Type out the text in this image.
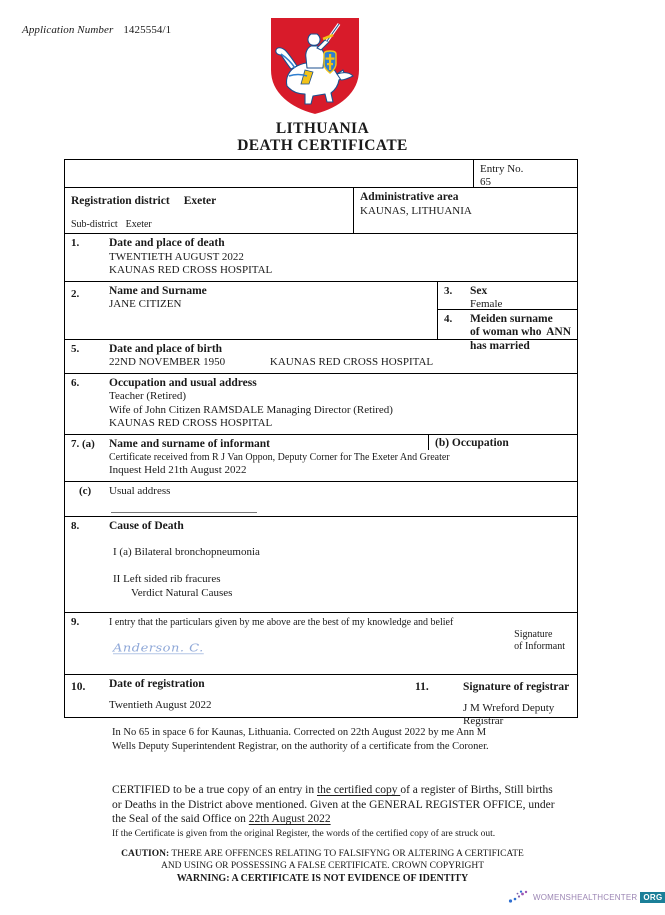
Application Number 1425554/1
LITHUANIA
DEATH CERTIFICATE
Entry No.
65
Registration district Exeter
Sub-district Exeter
Administrative area
KAUNAS, LITHUANIA
1.	Date and place of death
TWENTIETH AUGUST 2022
KAUNAS RED CROSS HOSPITAL
2.	Name and Surname
JANE CITIZEN
3.	Sex
Female
4.	Meiden surname
of woman who ANN
has married
5.	Date and place of birth
22ND NOVEMBER 1950	KAUNAS RED CROSS HOSPITAL
6.	Occupation and usual address
Teacher (Retired)
Wife of John Citizen RAMSDALE Managing Director (Retired)
KAUNAS RED CROSS HOSPITAL
7. (a)	Name and surname of informant	(b) Occupation
Certificate received from R J Van Oppon, Deputy Corner for The Exeter And Greater
Inquest Held 21th August 2022
(c)	Usual address
8.	Cause of Death
I (a) Bilateral bronchopneumonia
II Left sided rib fracures
Verdict Natural Causes
9.	I entry that the particulars given by me above are the best of my knowledge and belief
Anderson. C.
Signature
of Informant
10.	Date of registration
Twentieth August 2022
11.	Signature of registrar
J M Wreford Deputy Registrar
In No 65 in space 6 for Kaunas, Lithuania. Corrected on 22th August 2022 by me Ann M
Wells Deputy Superintendent Registrar, on the authority of a certificate from the Coroner.
CERTIFIED to be a true copy of an entry in the certified copy of a register of Births, Still births
or Deaths in the District above mentioned. Given at the GENERAL REGISTER OFFICE, under
the Seal of the said Office on 22th August 2022
If the Certificate is given from the original Register, the words of the certified copy of are struck out.
CAUTION: THERE ARE OFFENCES RELATING TO FALSIFYNG OR ALTERING A CERTIFICATE
AND USING OR POSSESSING A FALSE CERTIFICATE. CROWN COPYRIGHT
WARNING: A CERTIFICATE IS NOT EVIDENCE OF IDENTITY
WOMENSHEALTHCENTER ORG
